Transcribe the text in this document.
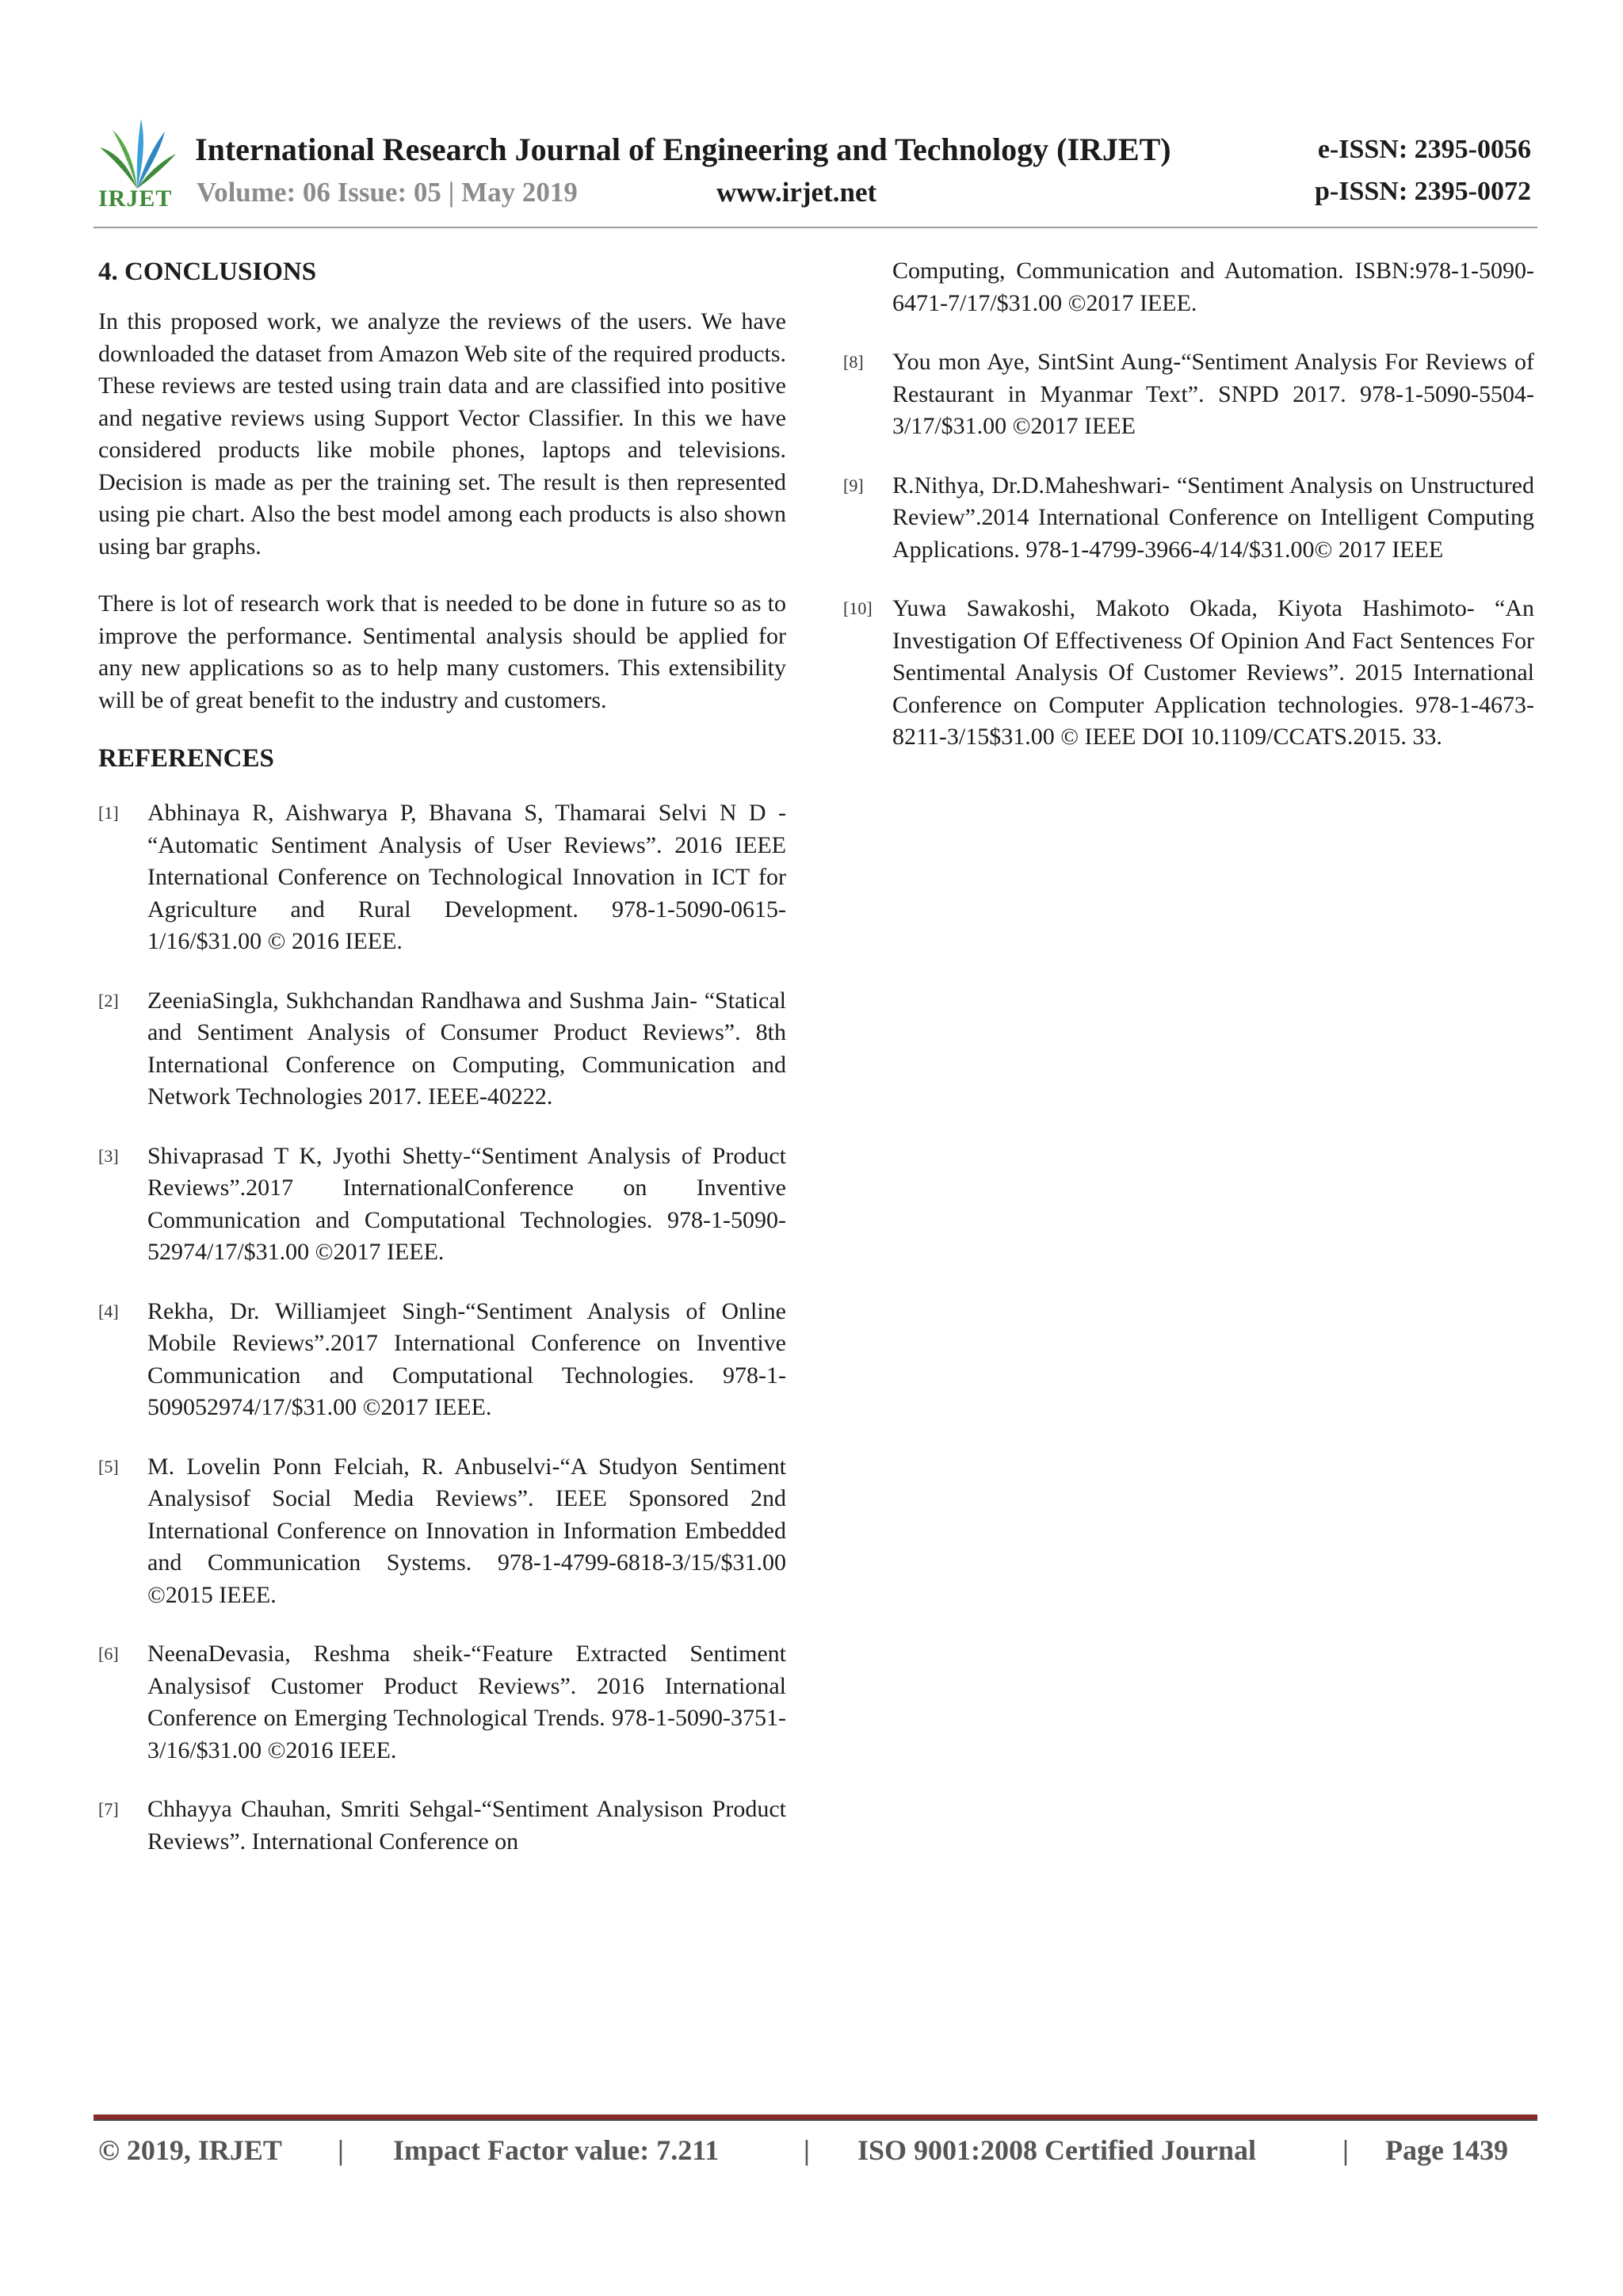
IRJET
International Research Journal of Engineering and Technology (IRJET)	e-ISSN: 2395-0056
Volume: 06 Issue: 05 | May 2019	www.irjet.net	p-ISSN: 2395-0072
4. CONCLUSIONS

In this proposed work, we analyze the reviews of the users. We have downloaded the dataset from Amazon Web site of the required products. These reviews are tested using train data and are classified into positive and negative reviews using Support Vector Classifier. In this we have considered products like mobile phones, laptops and televisions. Decision is made as per the training set. The result is then represented using pie chart. Also the best model among each products is also shown using bar graphs.

There is lot of research work that is needed to be done in future so as to improve the performance. Sentimental analysis should be applied for any new applications so as to help many customers. This extensibility will be of great benefit to the industry and customers.

REFERENCES
[1]	Abhinaya R, Aishwarya P, Bhavana S, Thamarai Selvi N D - “Automatic Sentiment Analysis of User Reviews”. 2016 IEEE International Conference on Technological Innovation in ICT for Agriculture and Rural Development. 978-1-5090-0615-1/16/$31.00 © 2016 IEEE.
[2]	ZeeniaSingla, Sukhchandan Randhawa and Sushma Jain- “Statical and Sentiment Analysis of Consumer Product Reviews”. 8th International Conference on Computing, Communication and Network Technologies 2017. IEEE-40222.
[3]	Shivaprasad T K, Jyothi Shetty-“Sentiment Analysis of Product Reviews”.2017 InternationalConference on Inventive Communication and Computational Technologies. 978-1-5090-52974/17/$31.00 ©2017 IEEE.
[4]	Rekha, Dr. Williamjeet Singh-“Sentiment Analysis of Online Mobile Reviews”.2017 International Conference on Inventive Communication and Computational Technologies. 978-1-509052974/17/$31.00 ©2017 IEEE.
[5]	M. Lovelin Ponn Felciah, R. Anbuselvi-“A Studyon Sentiment Analysisof Social Media Reviews”. IEEE Sponsored 2nd International Conference on Innovation in Information Embedded and Communication Systems. 978-1-4799-6818-3/15/$31.00 ©2015 IEEE.
[6]	NeenaDevasia, Reshma sheik-“Feature Extracted Sentiment Analysisof Customer Product Reviews”. 2016 International Conference on Emerging Technological Trends. 978-1-5090-3751-3/16/$31.00 ©2016 IEEE.
[7]	Chhayya Chauhan, Smriti Sehgal-“Sentiment Analysison Product Reviews”. International Conference on
Computing, Communication and Automation. ISBN:978-1-5090-6471-7/17/$31.00 ©2017 IEEE.
[8]	You mon Aye, SintSint Aung-“Sentiment Analysis For Reviews of Restaurant in Myanmar Text”. SNPD 2017. 978-1-5090-5504-3/17/$31.00 ©2017 IEEE
[9]	R.Nithya, Dr.D.Maheshwari- “Sentiment Analysis on Unstructured Review”.2014 International Conference on Intelligent Computing Applications. 978-1-4799-3966-4/14/$31.00© 2017 IEEE
[10] Yuwa Sawakoshi, Makoto Okada, Kiyota Hashimoto- “An Investigation Of Effectiveness Of Opinion And Fact Sentences For Sentimental Analysis Of Customer Reviews”. 2015 International Conference on Computer Application technologies. 978-1-4673-8211-3/15$31.00 © IEEE DOI 10.1109/CCATS.2015. 33.
© 2019, IRJET | Impact Factor value: 7.211	| ISO 9001:2008 Certified Journal	| Page 1439
